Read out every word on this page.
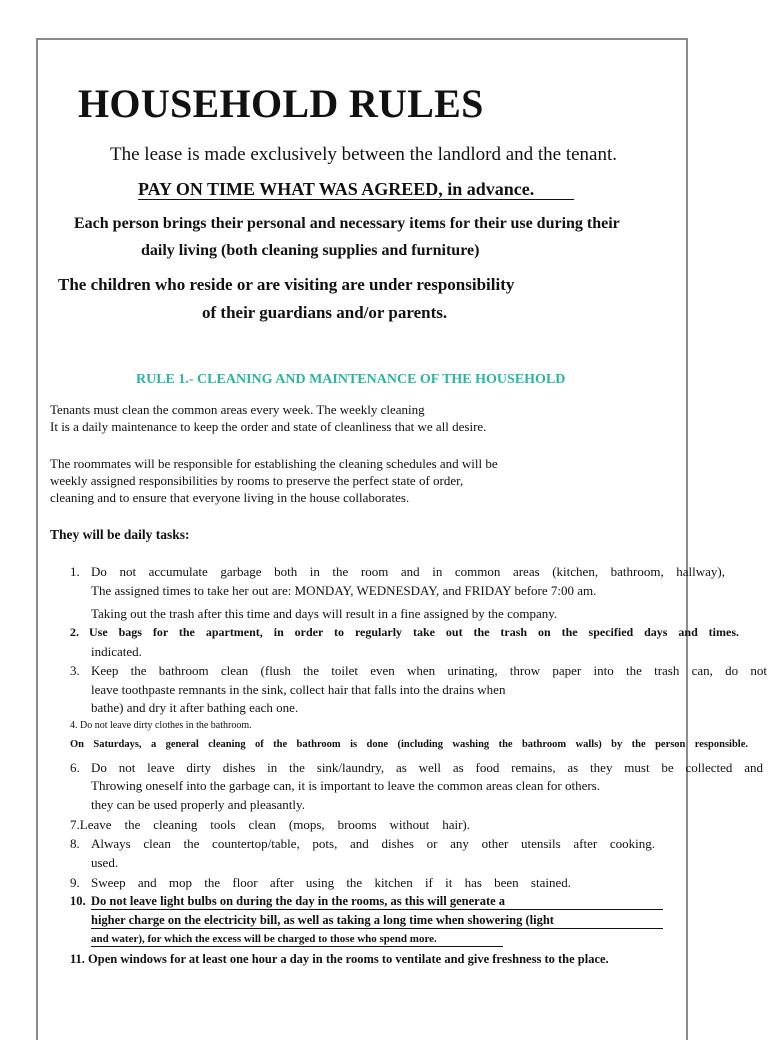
HOUSEHOLD RULES
The lease is made exclusively between the landlord and the tenant.
PAY ON TIME WHAT WAS AGREED, in advance.
Each person brings their personal and necessary items for their use during their
daily living (both cleaning supplies and furniture)
The children who reside or are visiting are under responsibility
of their guardians and/or parents.
RULE 1.- CLEANING AND MAINTENANCE OF THE HOUSEHOLD
Tenants must clean the common areas every week. The weekly cleaning
It is a daily maintenance to keep the order and state of cleanliness that we all desire.
The roommates will be responsible for establishing the cleaning schedules and will be
weekly assigned responsibilities by rooms to preserve the perfect state of order,
cleaning and to ensure that everyone living in the house collaborates.
They will be daily tasks:
1. Do not accumulate garbage both in the room and in common areas (kitchen, bathroom, hallway),
The assigned times to take her out are: MONDAY, WEDNESDAY, and FRIDAY before 7:00 am.
Taking out the trash after this time and days will result in a fine assigned by the company.
2. Use bags for the apartment, in order to regularly take out the trash on the specified days and times.
indicated.
3. Keep the bathroom clean (flush the toilet even when urinating, throw paper into the trash can, do not
leave toothpaste remnants in the sink, collect hair that falls into the drains when
bathe) and dry it after bathing each one.
4. Do not leave dirty clothes in the bathroom.
On Saturdays, a general cleaning of the bathroom is done (including washing the bathroom walls) by the person responsible.
6. Do not leave dirty dishes in the sink/laundry, as well as food remains, as they must be collected and
Throwing oneself into the garbage can, it is important to leave the common areas clean for others.
they can be used properly and pleasantly.
7.Leave the cleaning tools clean (mops, brooms without hair).
8. Always clean the countertop/table, pots, and dishes or any other utensils after cooking.
used.
9. Sweep and mop the floor after using the kitchen if it has been stained.
10. Do not leave light bulbs on during the day in the rooms, as this will generate a
higher charge on the electricity bill, as well as taking a long time when showering (light
and water), for which the excess will be charged to those who spend more.
11. Open windows for at least one hour a day in the rooms to ventilate and give freshness to the place.
